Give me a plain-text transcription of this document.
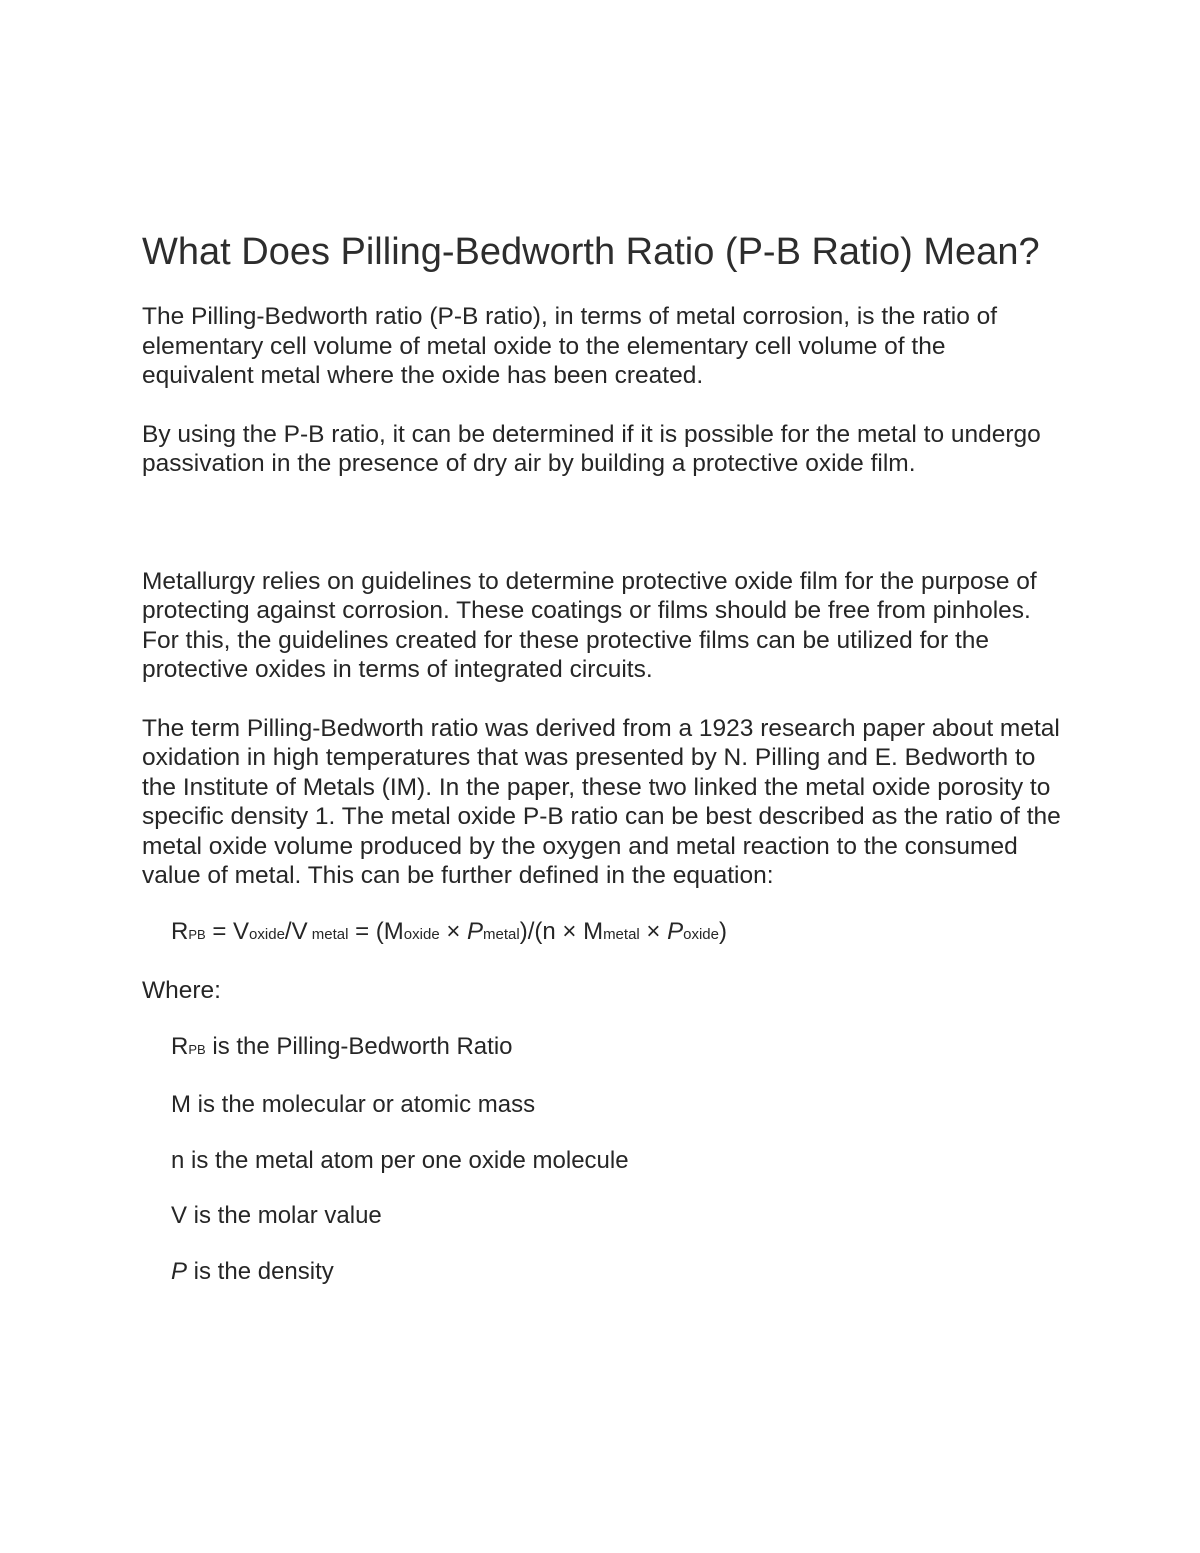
What Does Pilling-Bedworth Ratio (P-B Ratio) Mean?

The Pilling-Bedworth ratio (P-B ratio), in terms of metal corrosion, is the ratio of elementary cell volume of metal oxide to the elementary cell volume of the equivalent metal where the oxide has been created.

By using the P-B ratio, it can be determined if it is possible for the metal to undergo passivation in the presence of dry air by building a protective oxide film.

Metallurgy relies on guidelines to determine protective oxide film for the purpose of protecting against corrosion. These coatings or films should be free from pinholes. For this, the guidelines created for these protective films can be utilized for the protective oxides in terms of integrated circuits.

The term Pilling-Bedworth ratio was derived from a 1923 research paper about metal oxidation in high temperatures that was presented by N. Pilling and E. Bedworth to the Institute of Metals (IM). In the paper, these two linked the metal oxide porosity to specific density 1. The metal oxide P-B ratio can be best described as the ratio of the metal oxide volume produced by the oxygen and metal reaction to the consumed value of metal. This can be further defined in the equation:

RPB = Voxide/V metal = (Moxide × Pmetal)/(n × Mmetal × Poxide)

Where:

RPB is the Pilling-Bedworth Ratio

M is the molecular or atomic mass

n is the metal atom per one oxide molecule

V is the molar value

P is the density
